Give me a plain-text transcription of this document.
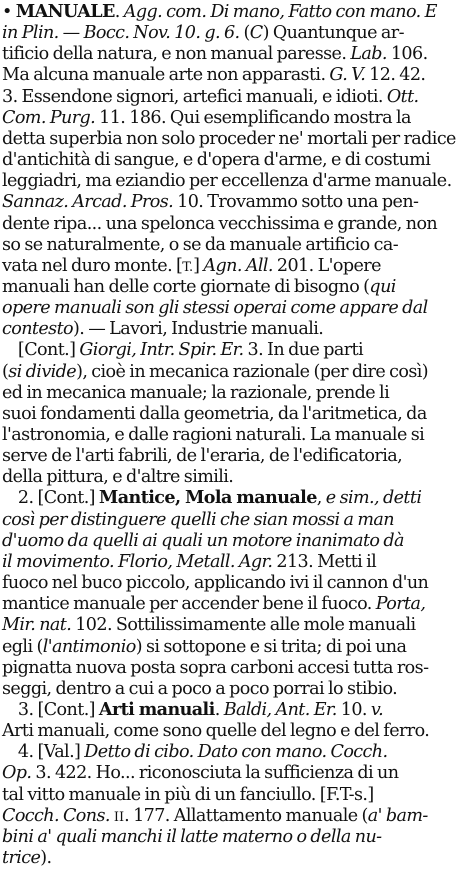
• MANUALE. Agg. com. Di mano, Fatto con mano. E
in Plin. — Bocc. Nov. 10. g. 6. (C) Quantunque ar-
tificio della natura, e non manual paresse. Lab. 106.
Ma alcuna manuale arte non apparasti. G. V. 12. 42.
3. Essendone signori, artefici manuali, e idioti. Ott.
Com. Purg. 11. 186. Qui esemplificando mostra la
detta superbia non solo proceder ne' mortali per radice
d'antichità di sangue, e d'opera d'arme, e di costumi
leggiadri, ma eziandio per eccellenza d'arme manuale.
Sannaz. Arcad. Pros. 10. Trovammo sotto una pen-
dente ripa... una spelonca vecchissima e grande, non
so se naturalmente, o se da manuale artificio ca-
vata nel duro monte. [T.] Agn. All. 201. L'opere
manuali han delle corte giornate di bisogno (qui
opere manuali son gli stessi operai come appare dal
contesto). — Lavori, Industrie manuali.
[Cont.] Giorgi, Intr. Spir. Er. 3. In due parti
(si divide), cioè in mecanica razionale (per dire così)
ed in mecanica manuale; la razionale, prende li
suoi fondamenti dalla geometria, da l'aritmetica, da
l'astronomia, e dalle ragioni naturali. La manuale si
serve de l'arti fabrili, de l'eraria, de l'edificatoria,
della pittura, e d'altre simili.
2. [Cont.] Mantice, Mola manuale, e sim., detti
così per distinguere quelli che sian mossi a man
d'uomo da quelli ai quali un motore inanimato dà
il movimento. Florio, Metall. Agr. 213. Metti il
fuoco nel buco piccolo, applicando ivi il cannon d'un
mantice manuale per accender bene il fuoco. Porta,
Mir. nat. 102. Sottilissimamente alle mole manuali
egli (l'antimonio) si sottopone e si trita; di poi una
pignatta nuova posta sopra carboni accesi tutta ros-
seggi, dentro a cui a poco a poco porrai lo stibio.
3. [Cont.] Arti manuali. Baldi, Ant. Er. 10. v.
Arti manuali, come sono quelle del legno e del ferro.
4. [Val.] Detto di cibo. Dato con mano. Cocch.
Op. 3. 422. Ho... riconosciuta la sufficienza di un
tal vitto manuale in più di un fanciullo. [F.T-s.]
Cocch. Cons. II. 177. Allattamento manuale (a' bam-
bini a' quali manchi il latte materno o della nu-
trice).
